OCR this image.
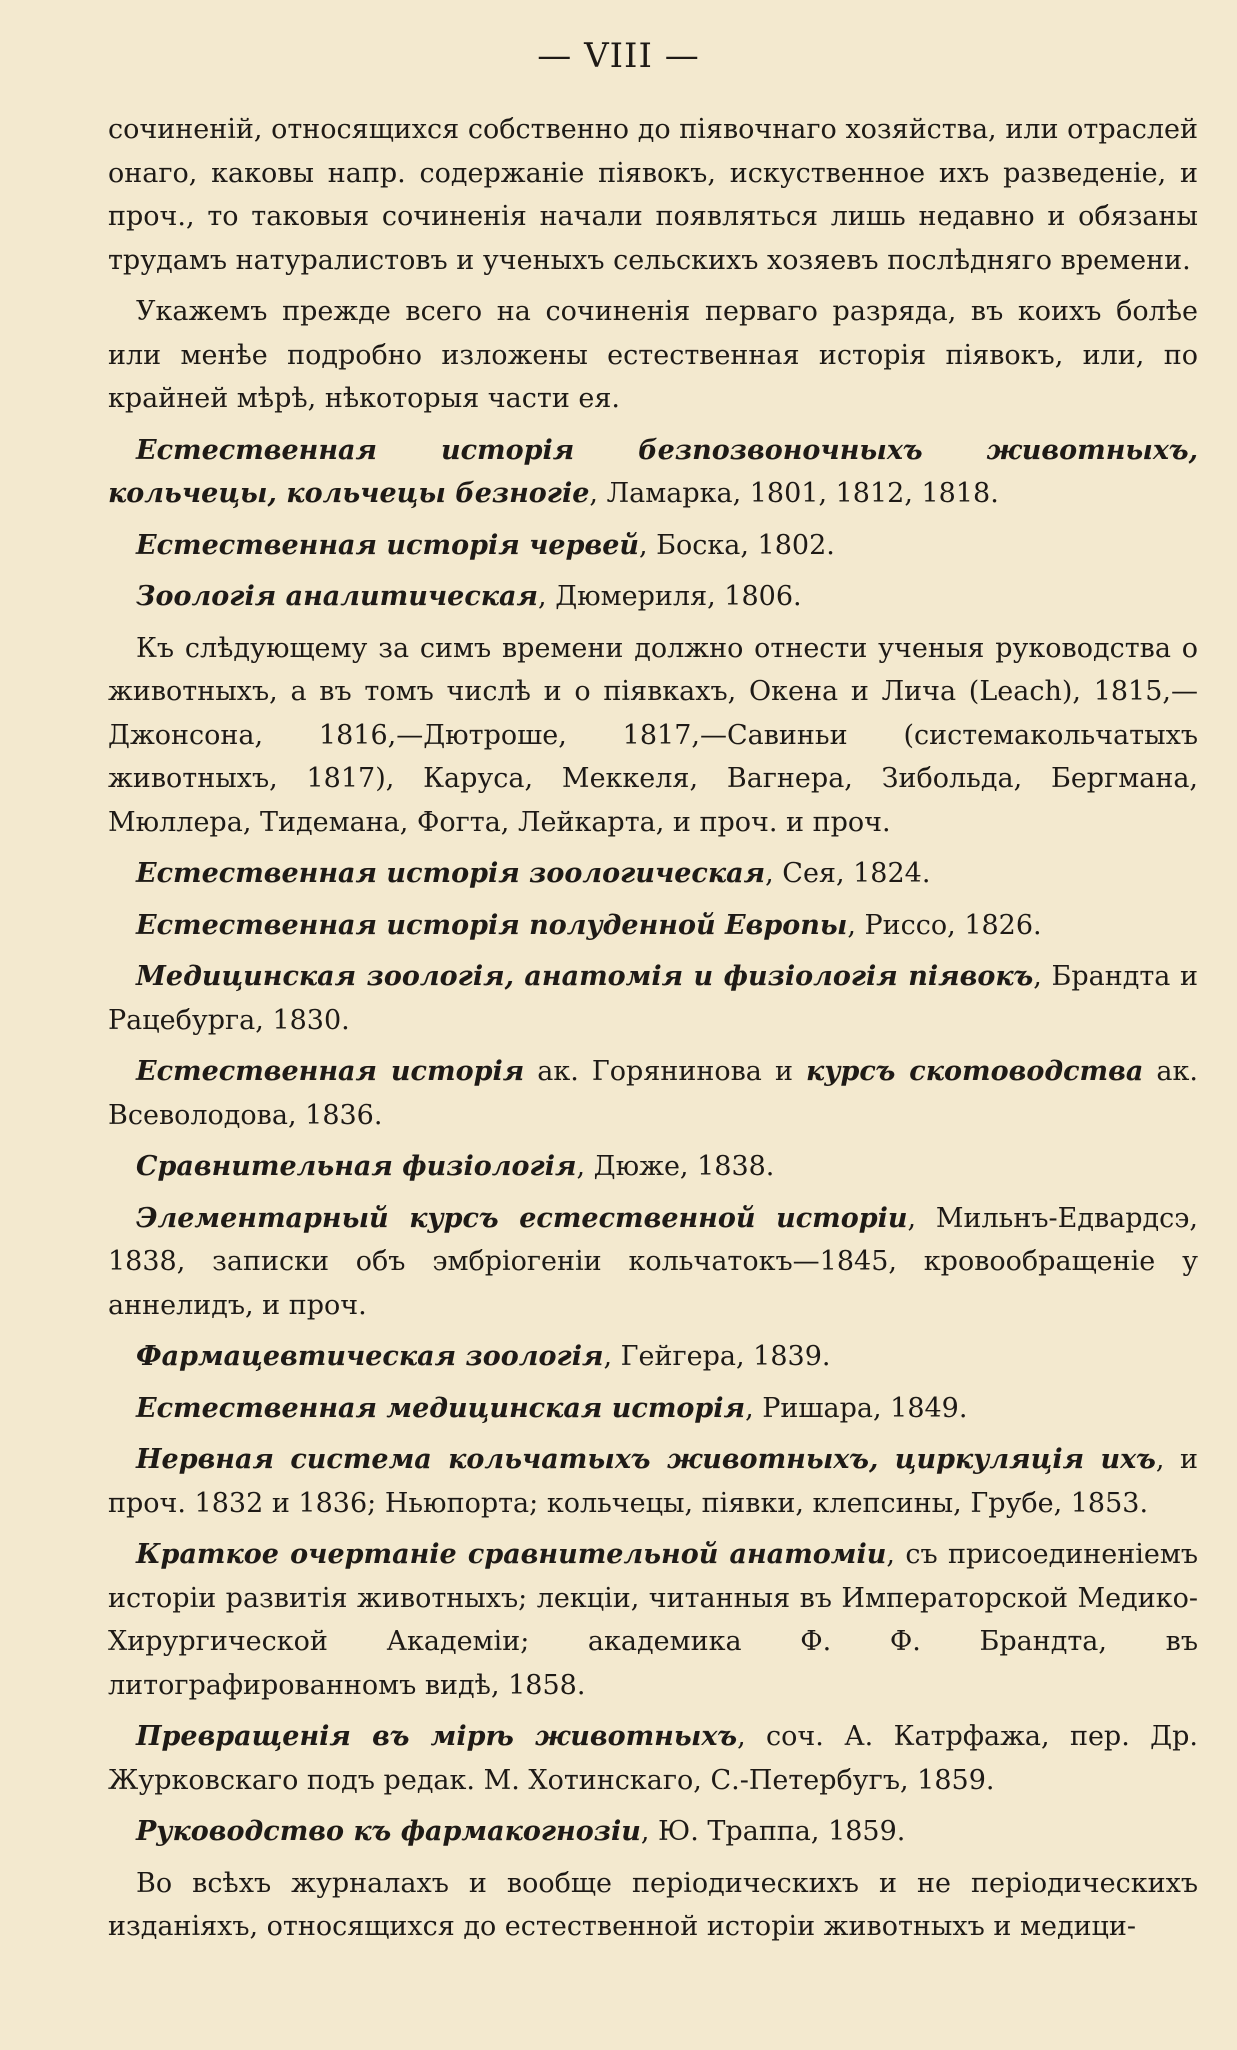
— VIII —

сочиненій, относящихся собственно до піявочнаго хозяйства, или отраслей онаго, каковы напр. содержаніе піявокъ, искуственное ихъ разведеніе, и проч., то таковыя сочиненія начали появляться лишь недавно и обязаны трудамъ натуралистовъ и ученыхъ сельскихъ хозяевъ послѣдняго времени.

Укажемъ прежде всего на сочиненія перваго разряда, въ коихъ болѣе или менѣе подробно изложены естественная исторія піявокъ, или, по крайней мѣрѣ, нѣкоторыя части ея.

Естественная исторія безпозвоночныхъ животныхъ, кольчецы, кольчецы безногіе, Ламарка, 1801, 1812, 1818.

Естественная исторія червей, Боска, 1802.

Зоологія аналитическая, Дюмериля, 1806.

Къ слѣдующему за симъ времени должно отнести ученыя руководства о животныхъ, а въ томъ числѣ и о піявкахъ, Окена и Лича (Leach), 1815,—Джонсона, 1816,—Дютроше, 1817,—Савиньи (системакольчатыхъ животныхъ, 1817), Каруса, Меккеля, Вагнера, Зибольда, Бергмана, Мюллера, Тидемана, Фогта, Лейкарта, и проч. и проч.

Естественная исторія зоологическая, Сея, 1824.

Естественная исторія полуденной Европы, Риссо, 1826.

Медицинская зоологія, анатомія и физіологія піявокъ, Брандта и Рацебурга, 1830.

Естественная исторія ак. Горянинова и курсъ скотоводства ак. Всеволодова, 1836.

Сравнительная физіологія, Дюже, 1838.

Элементарный курсъ естественной исторіи, Мильнъ-Едвардсэ, 1838, записки объ эмбріогеніи кольчатокъ—1845, кровообращеніе у аннелидъ, и проч.

Фармацевтическая зоологія, Гейгера, 1839.

Естественная медицинская исторія, Ришара, 1849.

Нервная система кольчатыхъ животныхъ, циркуляція ихъ, и проч. 1832 и 1836; Ньюпорта; кольчецы, піявки, клепсины, Грубе, 1853.

Краткое очертаніе сравнительной анатоміи, съ присоединеніемъ исторіи развитія животныхъ; лекціи, читанныя въ Императорской Медико-Хирургической Академіи; академика Ф. Ф. Брандта, въ литографированномъ видѣ, 1858.

Превращенія въ мірѣ животныхъ, соч. А. Катрфажа, пер. Др. Журковскаго подъ редак. М. Хотинскаго, С.-Петербугъ, 1859.

Руководство къ фармакогнозіи, Ю. Траппа, 1859.

Во всѣхъ журналахъ и вообще періодическихъ и не періодическихъ изданіяхъ, относящихся до естественной исторіи животныхъ и медици-
